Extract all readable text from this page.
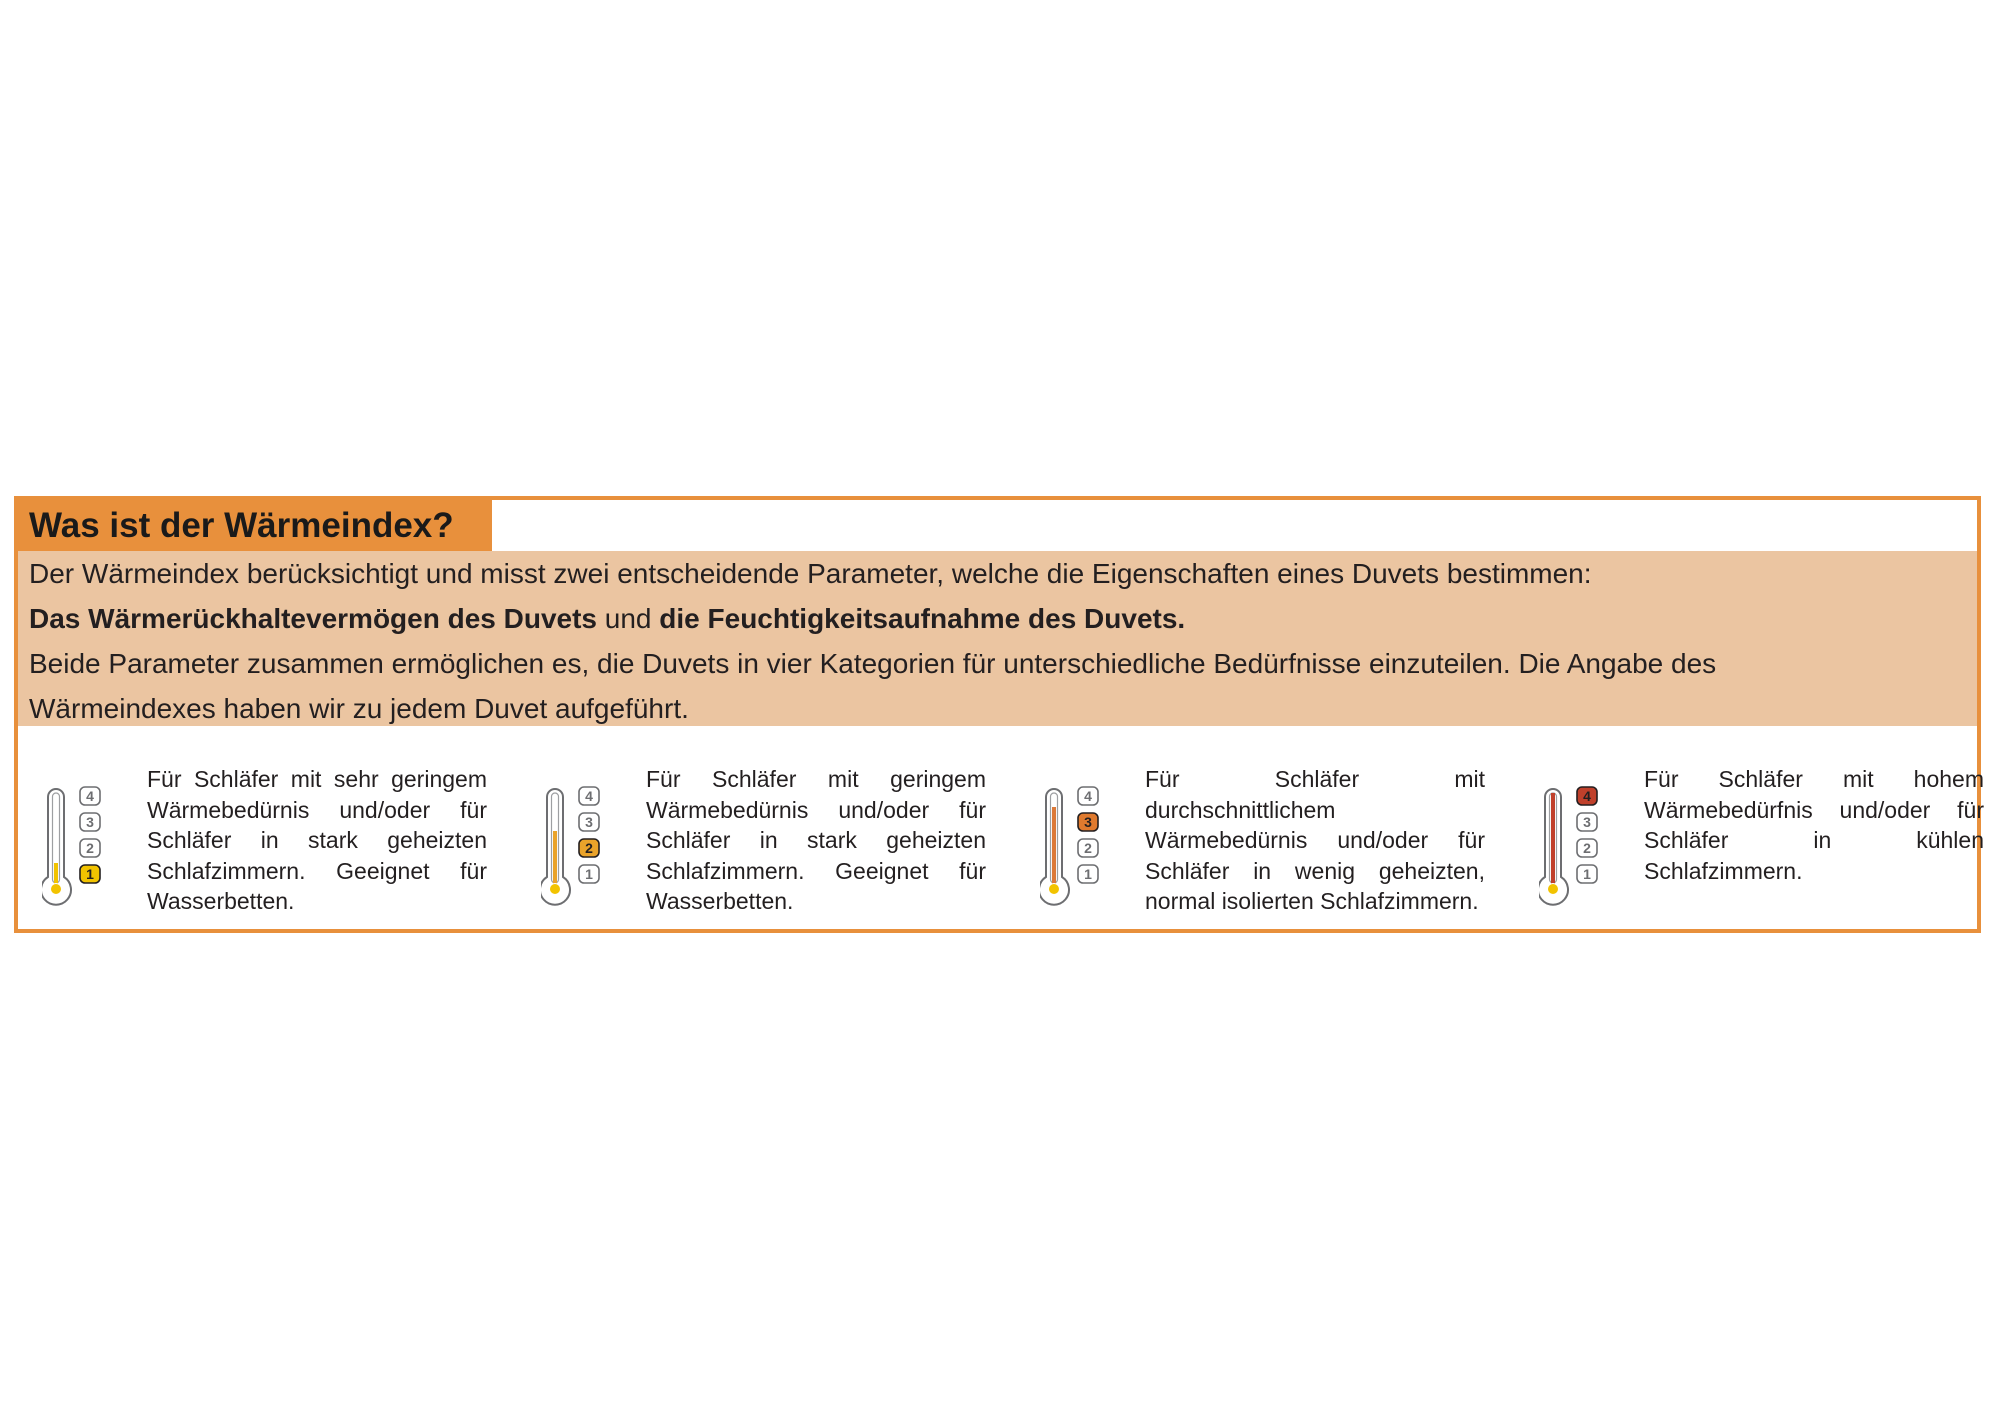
Was ist der Wärmeindex?

Der Wärmeindex berücksichtigt und misst zwei entscheidende Parameter, welche die Eigenschaften eines Duvets bestimmen:

Das Wärmerückhaltevermögen des Duvets und die Feuchtigkeitsaufnahme des Duvets.

Beide Parameter zusammen ermöglichen es, die Duvets in vier Kategorien für unterschiedliche Bedürfnisse einzuteilen. Die Angabe des

Wärmeindexes haben wir zu jedem Duvet aufgeführt.

4
3
2
1
Für Schläfer mit sehr geringem Wärmebedürnis und/oder für Schläfer in stark geheizten Schlafzimmern. Geeignet für Wasserbetten.
4
3
2
1
Für Schläfer mit geringem Wärmebedürnis und/oder für Schläfer in stark geheizten Schlafzimmern. Geeignet für Wasserbetten.
4
3
2
1
Für Schläfer mit durchschnittlichem Wärmebedürnis und/oder für Schläfer in wenig geheizten, normal isolierten Schlafzimmern.
4
3
2
1
Für Schläfer mit hohem Wärmebedürfnis und/oder für Schläfer in kühlen Schlafzimmern.
